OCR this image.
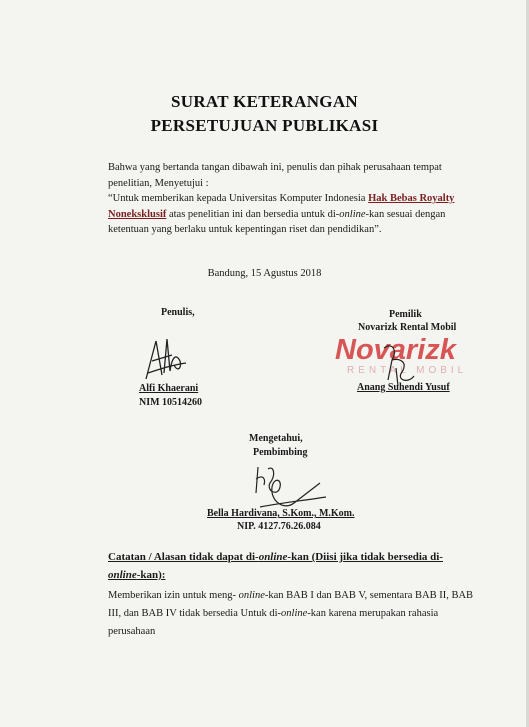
SURAT KETERANGAN
PERSETUJUAN PUBLIKASI
Bahwa yang bertanda tangan dibawah ini, penulis dan pihak perusahaan tempat
penelitian, Menyetujui :
“Untuk memberikan kepada Universitas Komputer Indonesia Hak Bebas Royalty Noneksklusif atas penelitian ini dan bersedia untuk di-online-kan sesuai dengan ketentuan yang berlaku untuk kepentingan riset dan pendidikan”.
Bandung, 15 Agustus 2018
Penulis,
Alfi Khaerani
NIM 10514260
Pemilik
Novarizk Rental Mobil
Novarizk
RENTAL MOBIL
Anang Suhendi Yusuf
Mengetahui,
Pembimbing
Bella Hardivana, S.Kom., M.Kom.
NIP. 4127.76.26.084
Catatan / Alasan tidak dapat di-online-kan (Diisi jika tidak bersedia di-online-kan):
Memberikan izin untuk meng- online-kan BAB I dan BAB V, sementara BAB II, BAB III, dan BAB IV tidak bersedia Untuk di-online-kan karena merupakan rahasia perusahaan
